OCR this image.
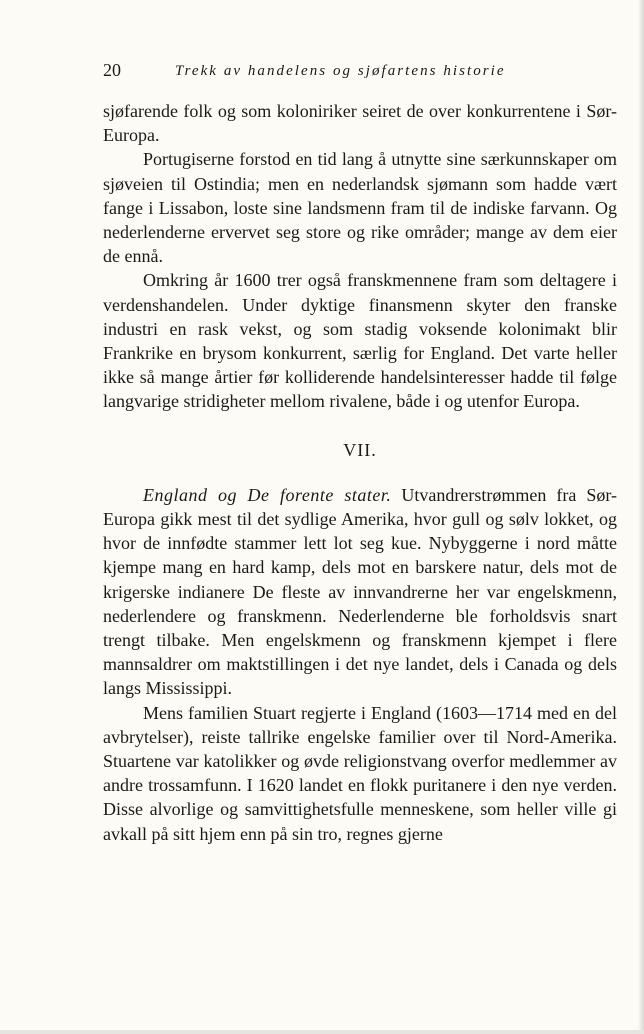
20	Trekk av handelens og sjøfartens historie

sjøfarende folk og som koloniriker seiret de over konkurrentene i Sør-Europa.

Portugiserne forstod en tid lang å utnytte sine særkunnskaper om sjøveien til Ostindia; men en nederlandsk sjømann som hadde vært fange i Lissabon, loste sine landsmenn fram til de indiske farvann. Og nederlenderne ervervet seg store og rike områder; mange av dem eier de ennå.

Omkring år 1600 trer også franskmennene fram som deltagere i verdenshandelen. Under dyktige finansmenn skyter den franske industri en rask vekst, og som stadig voksende kolonimakt blir Frankrike en brysom konkurrent, særlig for England. Det varte heller ikke så mange årtier før kolliderende handelsinteresser hadde til følge langvarige stridigheter mellom rivalene, både i og utenfor Europa.

VII.

England og De forente stater. Utvandrerstrømmen fra Sør-Europa gikk mest til det sydlige Amerika, hvor gull og sølv lokket, og hvor de innfødte stammer lett lot seg kue. Nybyggerne i nord måtte kjempe mang en hard kamp, dels mot en barskere natur, dels mot de krigerske indianere De fleste av innvandrerne her var engelskmenn, nederlendere og franskmenn. Nederlenderne ble forholdsvis snart trengt tilbake. Men engelskmenn og franskmenn kjempet i flere mannsaldrer om maktstillingen i det nye landet, dels i Canada og dels langs Mississippi.

Mens familien Stuart regjerte i England (1603—1714 med en del avbrytelser), reiste tallrike engelske familier over til Nord-Amerika. Stuartene var katolikker og øvde religionstvang overfor medlemmer av andre trossamfunn. I 1620 landet en flokk puritanere i den nye verden. Disse alvorlige og samvittighetsfulle menneskene, som heller ville gi avkall på sitt hjem enn på sin tro, regnes gjerne
